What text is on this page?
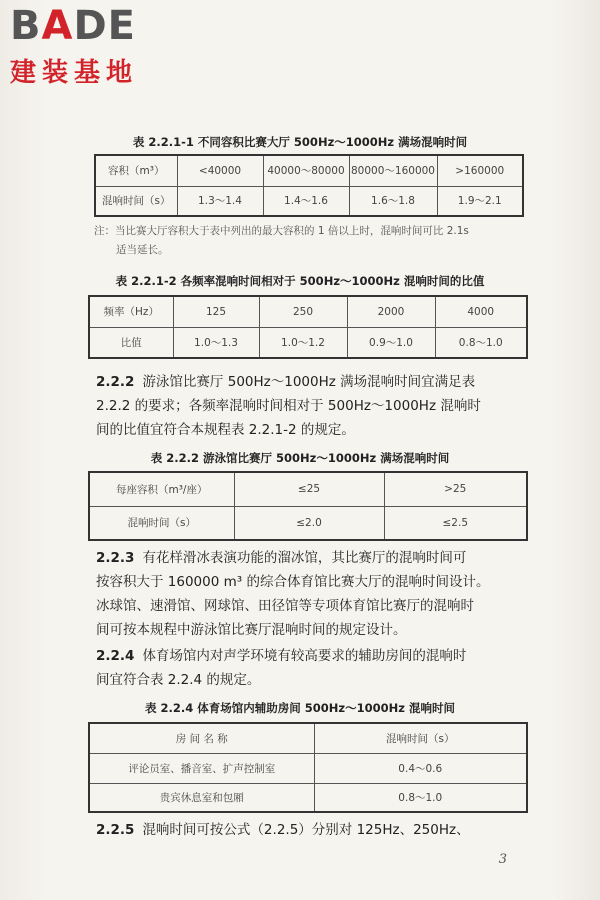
BADE
建装基地
表 2.2.1-1 不同容积比赛大厅 500Hz～1000Hz 满场混响时间
容积（m³）	<40000	40000～80000	80000～160000	>160000
混响时间（s）	1.3～1.4	1.4～1.6	1.6～1.8	1.9～2.1
注：当比赛大厅容积大于表中列出的最大容积的 1 倍以上时，混响时间可比 2.1s
适当延长。
表 2.2.1-2 各频率混响时间相对于 500Hz～1000Hz 混响时间的比值
频率（Hz）	125	250	2000	4000
比值	1.0～1.3	1.0～1.2	0.9～1.0	0.8～1.0
2.2.2 游泳馆比赛厅 500Hz～1000Hz 满场混响时间宜满足表
2.2.2 的要求；各频率混响时间相对于 500Hz～1000Hz 混响时
间的比值宜符合本规程表 2.2.1-2 的规定。
表 2.2.2 游泳馆比赛厅 500Hz～1000Hz 满场混响时间
每座容积（m³/座）	≤25	>25
混响时间（s）	≤2.0	≤2.5
2.2.3 有花样滑冰表演功能的溜冰馆，其比赛厅的混响时间可
按容积大于 160000 m³ 的综合体育馆比赛大厅的混响时间设计。
冰球馆、速滑馆、网球馆、田径馆等专项体育馆比赛厅的混响时
间可按本规程中游泳馆比赛厅混响时间的规定设计。
2.2.4 体育场馆内对声学环境有较高要求的辅助房间的混响时
间宜符合表 2.2.4 的规定。
表 2.2.4 体育场馆内辅助房间 500Hz～1000Hz 混响时间
房 间 名 称	混响时间（s）
评论员室、播音室、扩声控制室	0.4～0.6
贵宾休息室和包厢	0.8～1.0
2.2.5 混响时间可按公式（2.2.5）分别对 125Hz、250Hz、
3
